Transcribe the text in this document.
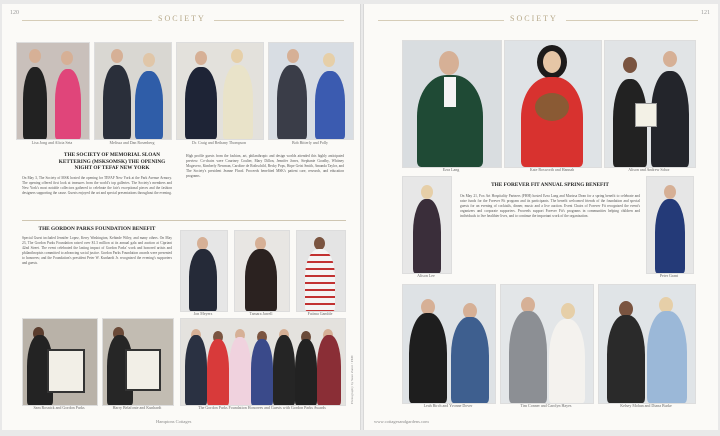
120
SOCIETY
Lisa Jong and Alicia Seta	Melissa and Dan Rosenberg	Dr. Craig and Bethany Thompson	Bob Bitterly and Polly
THE SOCIETY OF MEMORIAL SLOAN KETTERING (MSKSOMSK) THE OPENING NIGHT OF TEFAF NEW YORK
On May 3, The Society of MSK hosted the opening for TEFAF New York at the Park Avenue Armory. The opening offered first look at treasures from the world's top galleries. The Society's members and New York's most notable collectors gathered to celebrate the fair's exceptional pieces and the fashion designers supporting the cause. Guests enjoyed the art and special presentations throughout the evening.
High profile guests from the fashion, art, philanthropic and design worlds attended this highly anticipated preview. Co-chairs were Courtney Coulter, Mary Dillon, Jennifer Jones, Stephanie Goodby, Whitney Mogavero, Kimberly Newman, Caroline de Rothschild, Becky Pops, Hope Geist Smith, Amanda Taylor, and The Society's president Jeanne Flood. Proceeds benefited MSK's patient care, research, and education programs.
THE GORDON PARKS FOUNDATION BENEFIT
Special Guest included Jennifer Lopez, Kerry Washington, Kehinde Wiley, and many others. On May 23, The Gordon Parks Foundation raised over $1.3 million at its annual gala and auction at Cipriani 42nd Street. The event celebrated the lasting impact of Gordon Parks' work and honored artists and philanthropists committed to advancing social justice. Gordon Parks Foundation awards were presented to honorees; and the Foundation's president Peter W. Kunhardt Jr. recognized the evening's supporters and guests.
Jon Meyers	Tamara Jarrell	Fatima Gamble
Sam Rosnick and Gordon Parks	Harry Belafonte and Kunhardt	The Gordon Parks Foundation Honorees and Guests with Gordon Parks Awards
Photography by Sean Zanni / PMC
Hamptons Cottages
121
SOCIETY
Ezra Lang	Kate Bosworth and Hannah	Alison and Andrew Schor
Alison Lee
THE FOREVER FIT ANNUAL SPRING BENEFIT
On May 21, Fox Art Hospitality Partners (FHH) hosted Ezra Lang and Marissa Dean for a spring benefit to celebrate and raise funds for the Forever Fit program and its participants. The benefit welcomed friends of the foundation and special guests for an evening of cocktails, dinner, music and a live auction. Event Chairs of Forever Fit recognized the event's organizers and corporate supporters. Proceeds support Forever Fit's programs in communities helping children and individuals to live healthier lives, and to continue the important work of the organization.
Peter Grant
Leah Birch and Yvonne Dover	Tim Conner and Carolyn Hayes	Kelsey Mohan and Diana Burke
www.cottagesandgardens.com
